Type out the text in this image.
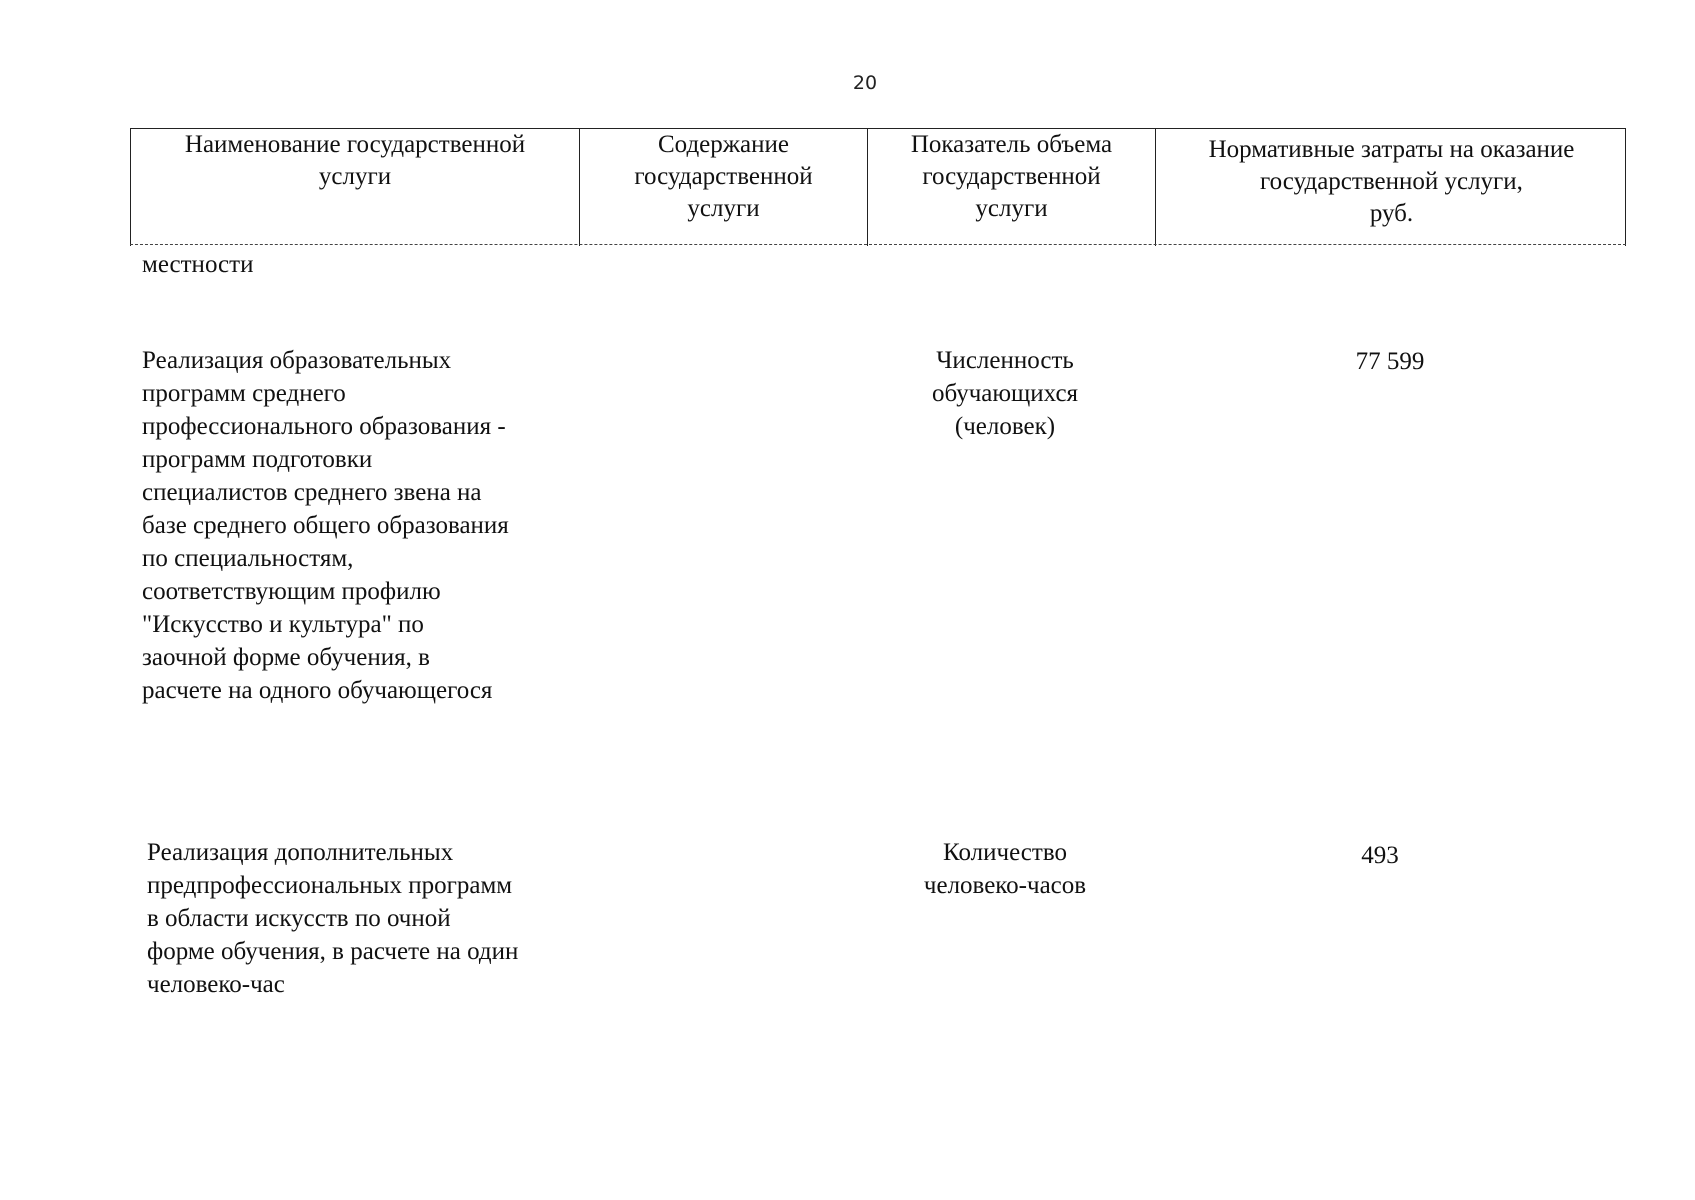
20
Наименование государственной
услуги
Содержание
государственной
услуги
Показатель объема
государственной
услуги
Нормативные затраты на оказание
государственной услуги,
руб.
местности
Реализация образовательных
программ среднего
профессионального образования -
программ подготовки
специалистов среднего звена на
базе среднего общего образования
по специальностям,
соответствующим профилю
"Искусство и культура" по
заочной форме обучения, в
расчете на одного обучающегося
Численность
обучающихся
(человек)
77 599
Реализация дополнительных
предпрофессиональных программ
в области искусств по очной
форме обучения, в расчете на один
человеко-час
Количество
человеко-часов
493
